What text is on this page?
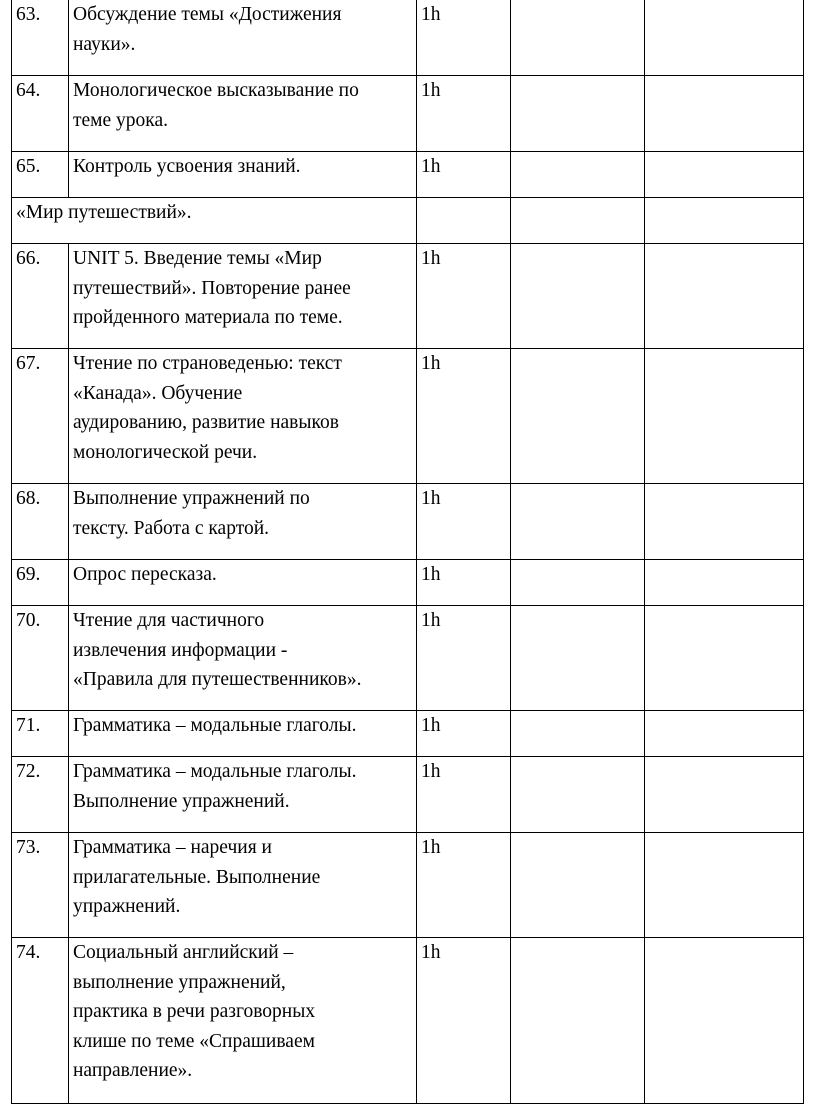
63.	Обсуждение темы «Достижения
науки».	1h		
64.	Монологическое высказывание по
теме урока.	1h		
65.	Контроль усвоения знаний.	1h		
«Мир путешествий».				
66.	UNIT 5. Введение темы «Мир
путешествий». Повторение ранее
пройденного материала по теме.	1h		
67.	Чтение по страноведенью: текст
«Канада». Обучение
аудированию, развитие навыков
монологической речи.	1h		
68.	Выполнение упражнений по
тексту. Работа с картой.	1h		
69.	Опрос пересказа.	1h		
70.	Чтение для частичного
извлечения информации -
«Правила для путешественников».	1h		
71.	Грамматика – модальные глаголы.	1h		
72.	Грамматика – модальные глаголы.
Выполнение упражнений.	1h		
73.	Грамматика – наречия и
прилагательные. Выполнение
упражнений.	1h		
74.	Социальный английский –
выполнение упражнений,
практика в речи разговорных
клише по теме «Спрашиваем
направление».	1h		
